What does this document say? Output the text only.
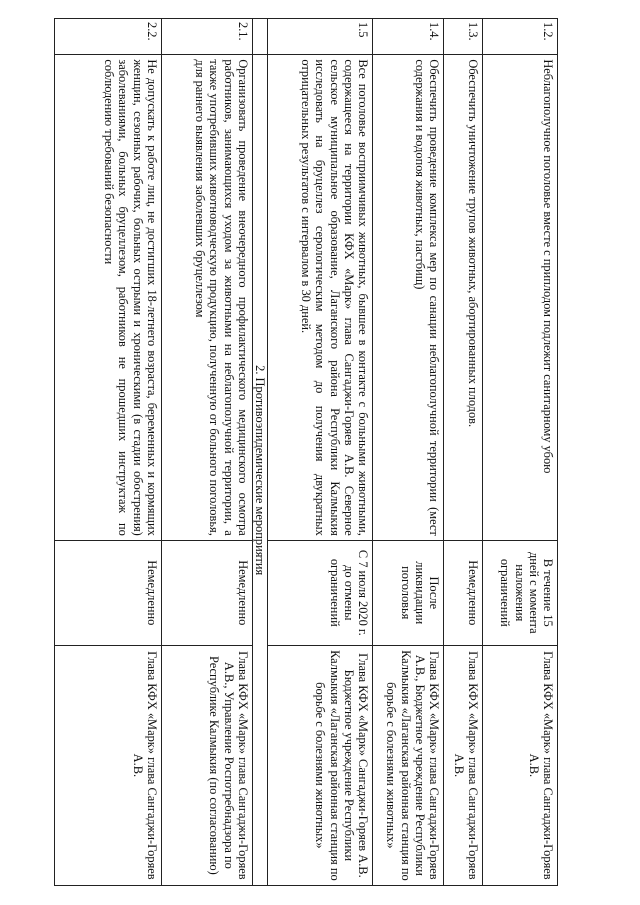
1.2.	Неблагополучное поголовье вместе с приплодом подлежит санитарному убою	В течение 15 дней с момента наложения ограничений	Глава КФХ «Марк» глава Сангаджи-Горяев А.В.
1.3.	Обеспечить уничтожение трупов животных, абортированных плодов.	Немедленно	Глава КФХ «Марк» глава Сангаджи-Горяев А.В.
1.4.	Обеспечить проведение комплекса мер по санации неблагополучной территории (мест содержания и водопоя животных, пастбищ)	После ликвидации поголовья	Глава КФХ «Марк» глава Сангаджи-Горяев А.В., Бюджетное учреждение Республики Калмыкия «Лаганская районная станция по борьбе с болезнями животных»
1.5	Все поголовье восприимчивых животных, бывшее в контакте с больными животными, содержащееся на территории КФХ «Марк» глава Сангаджи-Горяев А.В. Северное сельское муниципальное образование, Лаганского района Республики Калмыкия исследовать на бруцеллез серологическим методом до получения двукратных отрицательных результатов с интервалом в 30 дней.	С 7 июля 2020 г. до отмены ограничений	Глава КФХ «Марк» Сангаджи-Горяев А.В. Бюджетное учреждение Республики Калмыкия «Лаганская районная станция по борьбе с болезнями животных»
	2. Противоэпидемические мероприятия		
2.1.	Организовать проведение внеочередного профилактического медицинского осмотра работников, занимающихся уходом за животными на неблагополучной территории, а также употребивших животноводческую продукцию, полученную от больного поголовья, для раннего выявления заболевших бруцеллезом	Немедленно	Глава КФХ «Марк» глава Сангаджи-Горяев А.В., Управление Роспотребнадзора по Республике Калмыкия (по согласованию)
2.2.	Не допускать к работе лиц, не достигших 18-летнего возраста, беременных и кормящих женщин, сезонных рабочих, больных острыми и хроническими (в стадии обострения) заболеваниями, больных бруцеллезом, работников не прошедших инструктаж по соблюдению требований безопасности	Немедленно	Глава КФХ «Марк» глава Сангаджи-Горяев А.В.
